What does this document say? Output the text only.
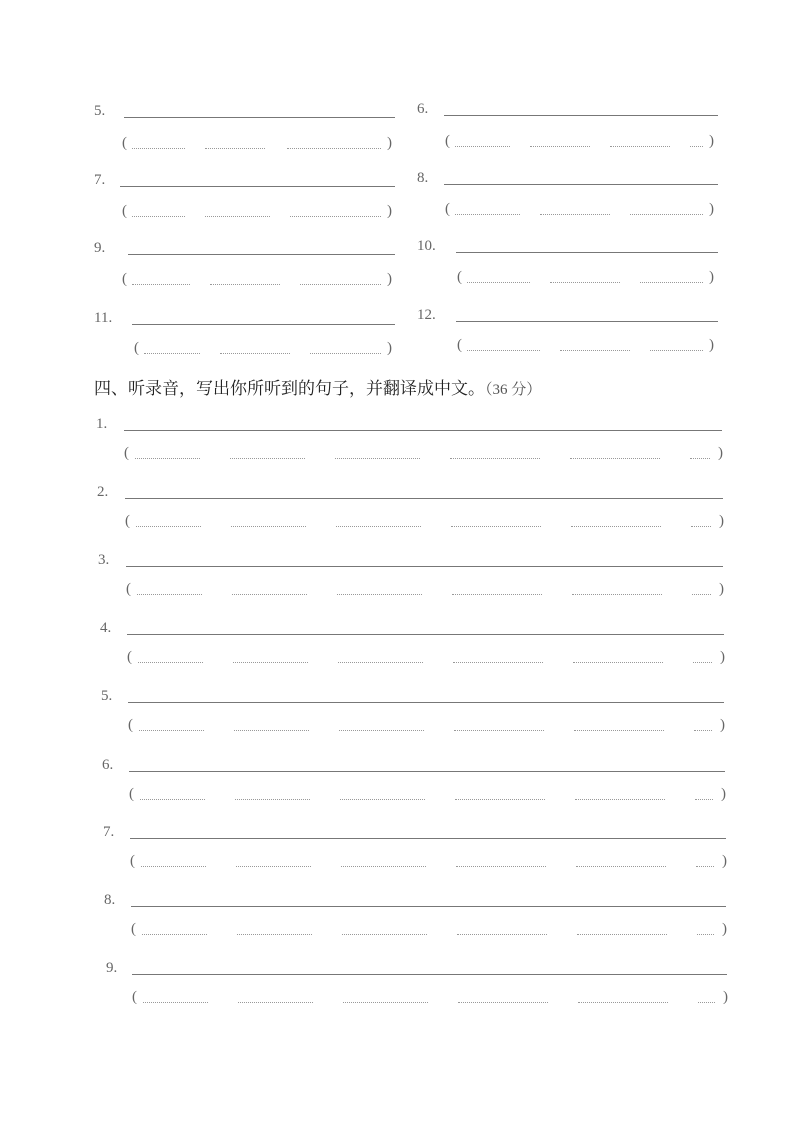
5.
(	)
6.
(	)
7.
(	)
8.
(	)
9.
(	)
10.
(	)
11.
(	)
12.
(	)
四、听录音，写出你所听到的句子，并翻译成中文。（36 分）
1.
(	)
2.
(	)
3.
(	)
4.
(	)
5.
(	)
6.
(	)
7.
(	)
8.
(	)
9.
(	)
